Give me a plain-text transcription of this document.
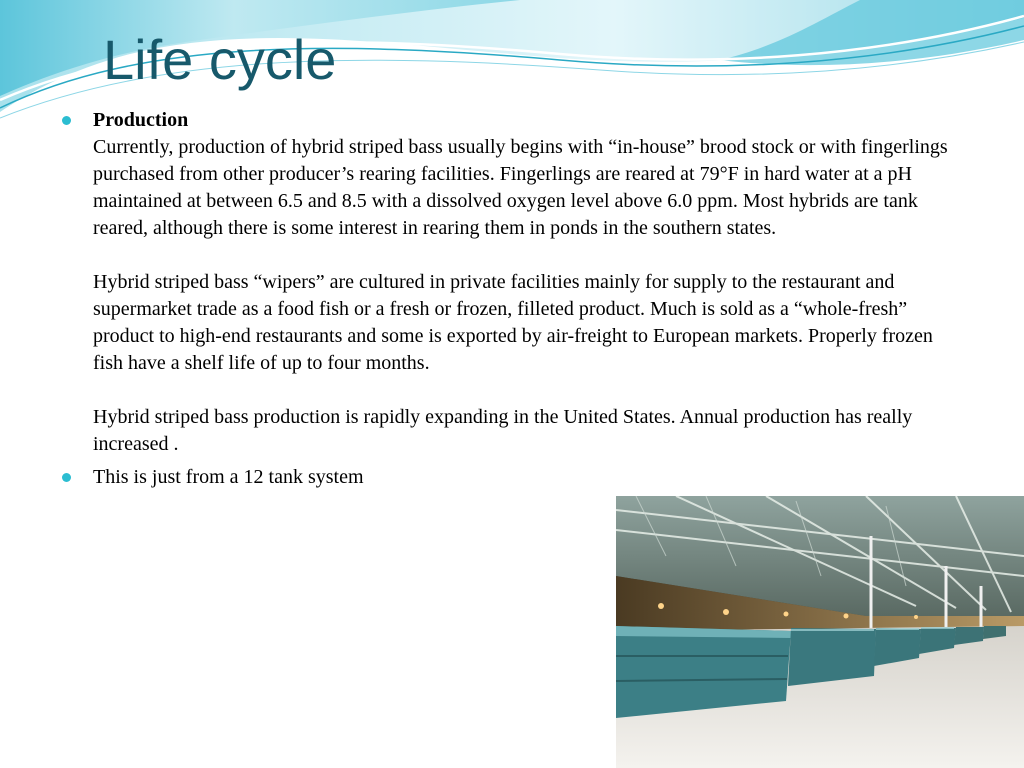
Life cycle
Production
Currently, production of hybrid striped bass usually begins with “in-house” brood stock or with fingerlings purchased from other producer’s rearing facilities. Fingerlings are reared at 79°F in hard water at a pH maintained at between 6.5 and 8.5 with a dissolved oxygen level above 6.0 ppm. Most hybrids are tank reared, although there is some interest in rearing them in ponds in the southern states.
Hybrid striped bass “wipers” are cultured in private facilities mainly for supply to the restaurant and supermarket trade as a food fish or a fresh or frozen, filleted product. Much is sold as a “whole-fresh” product to high-end restaurants and some is exported by air-freight to European markets. Properly frozen fish have a shelf life of up to four months.
Hybrid striped bass production is rapidly expanding in the United States. Annual production has really increased .
This is just from a 12 tank system
